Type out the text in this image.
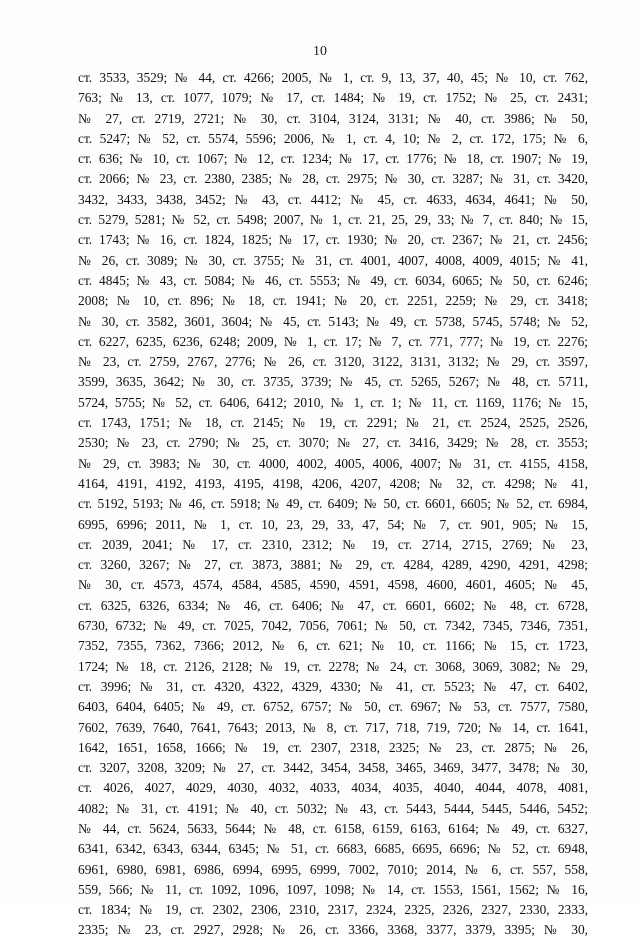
10
ст. 3533, 3529; № 44, ст. 4266; 2005, № 1, ст. 9, 13, 37, 40, 45; № 10, ст. 762,
763; № 13, ст. 1077, 1079; № 17, ст. 1484; № 19, ст. 1752; № 25, ст. 2431;
№ 27, ст. 2719, 2721; № 30, ст. 3104, 3124, 3131; № 40, ст. 3986; № 50,
ст. 5247; № 52, ст. 5574, 5596; 2006, № 1, ст. 4, 10; № 2, ст. 172, 175; № 6,
ст. 636; № 10, ст. 1067; № 12, ст. 1234; № 17, ст. 1776; № 18, ст. 1907; № 19,
ст. 2066; № 23, ст. 2380, 2385; № 28, ст. 2975; № 30, ст. 3287; № 31, ст. 3420,
3432, 3433, 3438, 3452; № 43, ст. 4412; № 45, ст. 4633, 4634, 4641; № 50,
ст. 5279, 5281; № 52, ст. 5498; 2007, № 1, ст. 21, 25, 29, 33; № 7, ст. 840; № 15,
ст. 1743; № 16, ст. 1824, 1825; № 17, ст. 1930; № 20, ст. 2367; № 21, ст. 2456;
№ 26, ст. 3089; № 30, ст. 3755; № 31, ст. 4001, 4007, 4008, 4009, 4015; № 41,
ст. 4845; № 43, ст. 5084; № 46, ст. 5553; № 49, ст. 6034, 6065; № 50, ст. 6246;
2008; № 10, ст. 896; № 18, ст. 1941; № 20, ст. 2251, 2259; № 29, ст. 3418;
№ 30, ст. 3582, 3601, 3604; № 45, ст. 5143; № 49, ст. 5738, 5745, 5748; № 52,
ст. 6227, 6235, 6236, 6248; 2009, № 1, ст. 17; № 7, ст. 771, 777; № 19, ст. 2276;
№ 23, ст. 2759, 2767, 2776; № 26, ст. 3120, 3122, 3131, 3132; № 29, ст. 3597,
3599, 3635, 3642; № 30, ст. 3735, 3739; № 45, ст. 5265, 5267; № 48, ст. 5711,
5724, 5755; № 52, ст. 6406, 6412; 2010, № 1, ст. 1; № 11, ст. 1169, 1176; № 15,
ст. 1743, 1751; № 18, ст. 2145; № 19, ст. 2291; № 21, ст. 2524, 2525, 2526,
2530; № 23, ст. 2790; № 25, ст. 3070; № 27, ст. 3416, 3429; № 28, ст. 3553;
№ 29, ст. 3983; № 30, ст. 4000, 4002, 4005, 4006, 4007; № 31, ст. 4155, 4158,
4164, 4191, 4192, 4193, 4195, 4198, 4206, 4207, 4208; № 32, ст. 4298; № 41,
ст. 5192, 5193; № 46, ст. 5918; № 49, ст. 6409; № 50, ст. 6601, 6605; № 52, ст. 6984,
6995, 6996; 2011, № 1, ст. 10, 23, 29, 33, 47, 54; № 7, ст. 901, 905; № 15,
ст. 2039, 2041; № 17, ст. 2310, 2312; № 19, ст. 2714, 2715, 2769; № 23,
ст. 3260, 3267; № 27, ст. 3873, 3881; № 29, ст. 4284, 4289, 4290, 4291, 4298;
№ 30, ст. 4573, 4574, 4584, 4585, 4590, 4591, 4598, 4600, 4601, 4605; № 45,
ст. 6325, 6326, 6334; № 46, ст. 6406; № 47, ст. 6601, 6602; № 48, ст. 6728,
6730, 6732; № 49, ст. 7025, 7042, 7056, 7061; № 50, ст. 7342, 7345, 7346, 7351,
7352, 7355, 7362, 7366; 2012, № 6, ст. 621; № 10, ст. 1166; № 15, ст. 1723,
1724; № 18, ст. 2126, 2128; № 19, ст. 2278; № 24, ст. 3068, 3069, 3082; № 29,
ст. 3996; № 31, ст. 4320, 4322, 4329, 4330; № 41, ст. 5523; № 47, ст. 6402,
6403, 6404, 6405; № 49, ст. 6752, 6757; № 50, ст. 6967; № 53, ст. 7577, 7580,
7602, 7639, 7640, 7641, 7643; 2013, № 8, ст. 717, 718, 719, 720; № 14, ст. 1641,
1642, 1651, 1658, 1666; № 19, ст. 2307, 2318, 2325; № 23, ст. 2875; № 26,
ст. 3207, 3208, 3209; № 27, ст. 3442, 3454, 3458, 3465, 3469, 3477, 3478; № 30,
ст. 4026, 4027, 4029, 4030, 4032, 4033, 4034, 4035, 4040, 4044, 4078, 4081,
4082; № 31, ст. 4191; № 40, ст. 5032; № 43, ст. 5443, 5444, 5445, 5446, 5452;
№ 44, ст. 5624, 5633, 5644; № 48, ст. 6158, 6159, 6163, 6164; № 49, ст. 6327,
6341, 6342, 6343, 6344, 6345; № 51, ст. 6683, 6685, 6695, 6696; № 52, ст. 6948,
6961, 6980, 6981, 6986, 6994, 6995, 6999, 7002, 7010; 2014, № 6, ст. 557, 558,
559, 566; № 11, ст. 1092, 1096, 1097, 1098; № 14, ст. 1553, 1561, 1562; № 16,
ст. 1834; № 19, ст. 2302, 2306, 2310, 2317, 2324, 2325, 2326, 2327, 2330, 2333,
2335; № 23, ст. 2927, 2928; № 26, ст. 3366, 3368, 3377, 3379, 3395; № 30,
